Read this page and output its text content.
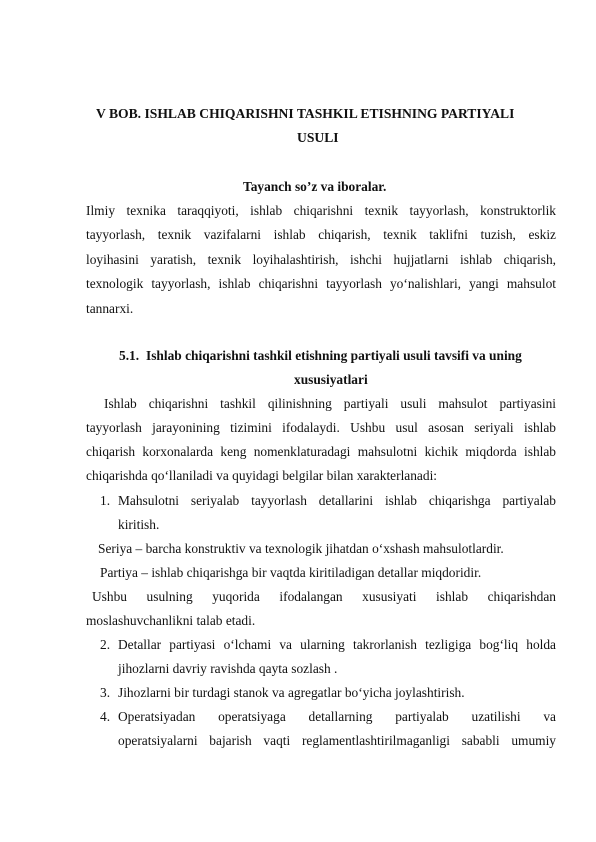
V BOB. ISHLAB CHIQARISHNI TASHKIL ETISHNING PARTIYALI
USULI
Tayanch so’z va iboralar.
Ilmiy texnika taraqqiyoti, ishlab chiqarishni texnik tayyorlash, konstruktorlik
tayyorlash, texnik vazifalarni ishlab chiqarish, texnik taklifni tuzish, eskiz
loyihasini yaratish, texnik loyihalashtirish, ishchi hujjatlarni ishlab chiqarish,
texnologik tayyorlash, ishlab chiqarishni tayyorlash yo‘nalishlari, yangi mahsulot
tannarxi.
5.1. Ishlab chiqarishni tashkil etishning partiyali usuli tavsifi va uning
xususiyatlari
Ishlab chiqarishni tashkil qilinishning partiyali usuli mahsulot partiyasini
tayyorlash jarayonining tizimini ifodalaydi. Ushbu usul asosan seriyali ishlab
chiqarish korxonalarda keng nomenklaturadagi mahsulotni kichik miqdorda ishlab
chiqarishda qo‘llaniladi va quyidagi belgilar bilan xarakterlanadi:
1. Mahsulotni seriyalab tayyorlash detallarini ishlab chiqarishga partiyalab
kiritish.
Seriya – barcha konstruktiv va texnologik jihatdan o‘xshash mahsulotlardir.
Partiya – ishlab chiqarishga bir vaqtda kiritiladigan detallar miqdoridir.
Ushbu usulning yuqorida ifodalangan xususiyati ishlab chiqarishdan
moslashuvchanlikni talab etadi.
2. Detallar partiyasi o‘lchami va ularning takrorlanish tezligiga bog‘liq holda
jihozlarni davriy ravishda qayta sozlash .
3. Jihozlarni bir turdagi stanok va agregatlar bo‘yicha joylashtirish.
4. Operatsiyadan operatsiyaga detallarning partiyalab uzatilishi va
operatsiyalarni bajarish vaqti reglamentlashtirilmaganligi sababli umumiy
